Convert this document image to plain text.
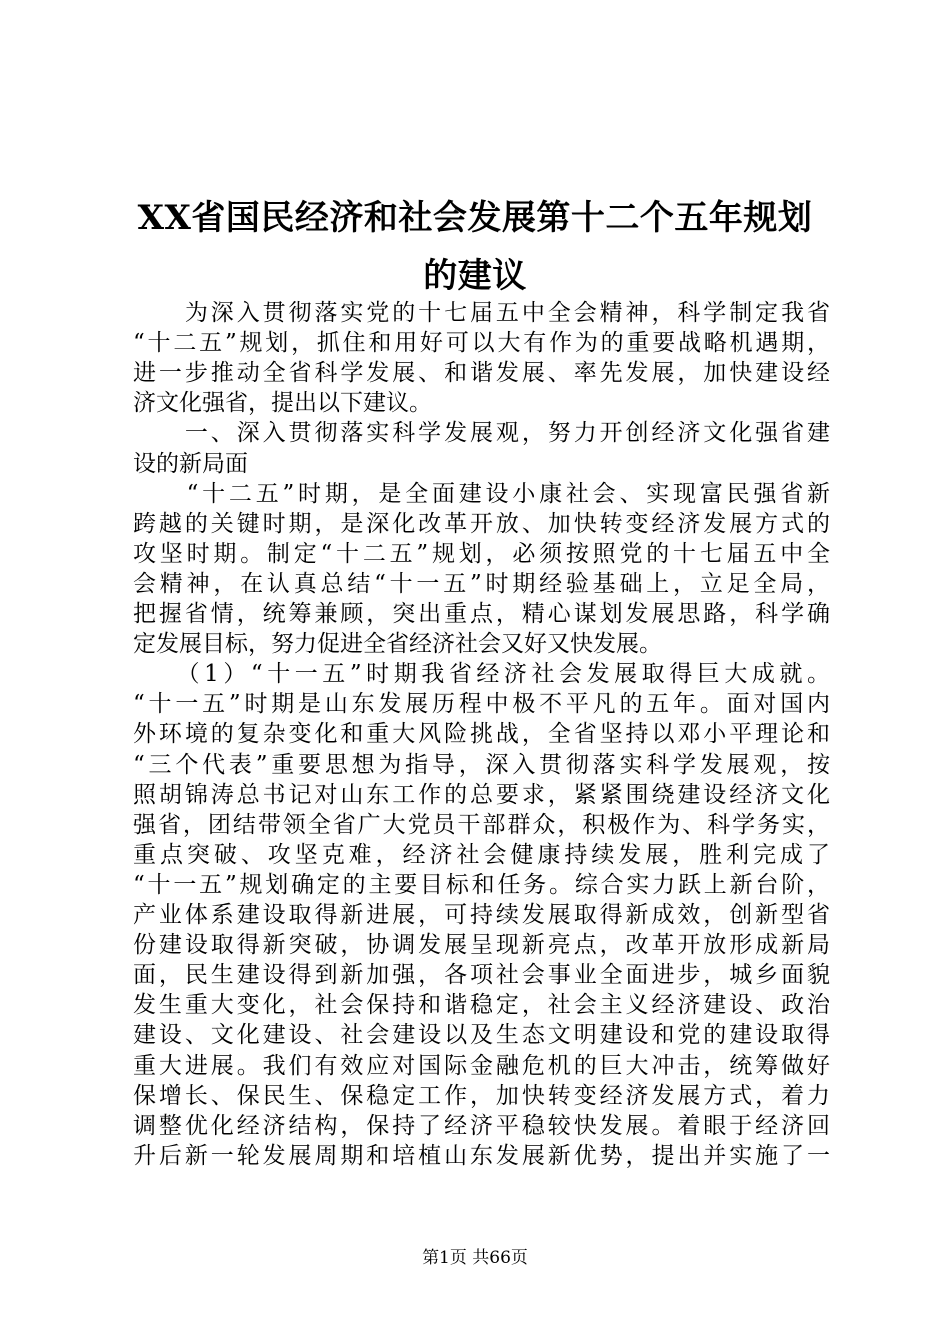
XX省国民经济和社会发展第十二个五年规划
的建议
　　为深入贯彻落实党的十七届五中全会精神，科学制定我省
“十二五”规划，抓住和用好可以大有作为的重要战略机遇期，
进一步推动全省科学发展、和谐发展、率先发展，加快建设经
济文化强省，提出以下建议。
　　一、深入贯彻落实科学发展观，努力开创经济文化强省建
设的新局面
　　“十二五”时期，是全面建设小康社会、实现富民强省新
跨越的关键时期，是深化改革开放、加快转变经济发展方式的
攻坚时期。制定“十二五”规划，必须按照党的十七届五中全
会精神，在认真总结“十一五”时期经验基础上，立足全局，
把握省情，统筹兼顾，突出重点，精心谋划发展思路，科学确
定发展目标，努力促进全省经济社会又好又快发展。
　　（1）“十一五”时期我省经济社会发展取得巨大成就。
“十一五”时期是山东发展历程中极不平凡的五年。面对国内
外环境的复杂变化和重大风险挑战，全省坚持以邓小平理论和
“三个代表”重要思想为指导，深入贯彻落实科学发展观，按
照胡锦涛总书记对山东工作的总要求，紧紧围绕建设经济文化
强省，团结带领全省广大党员干部群众，积极作为、科学务实，
重点突破、攻坚克难，经济社会健康持续发展，胜利完成了
“十一五”规划确定的主要目标和任务。综合实力跃上新台阶，
产业体系建设取得新进展，可持续发展取得新成效，创新型省
份建设取得新突破，协调发展呈现新亮点，改革开放形成新局
面，民生建设得到新加强，各项社会事业全面进步，城乡面貌
发生重大变化，社会保持和谐稳定，社会主义经济建设、政治
建设、文化建设、社会建设以及生态文明建设和党的建设取得
重大进展。我们有效应对国际金融危机的巨大冲击，统筹做好
保增长、保民生、保稳定工作，加快转变经济发展方式，着力
调整优化经济结构，保持了经济平稳较快发展。着眼于经济回
升后新一轮发展周期和培植山东发展新优势，提出并实施了一
第1页 共66页
